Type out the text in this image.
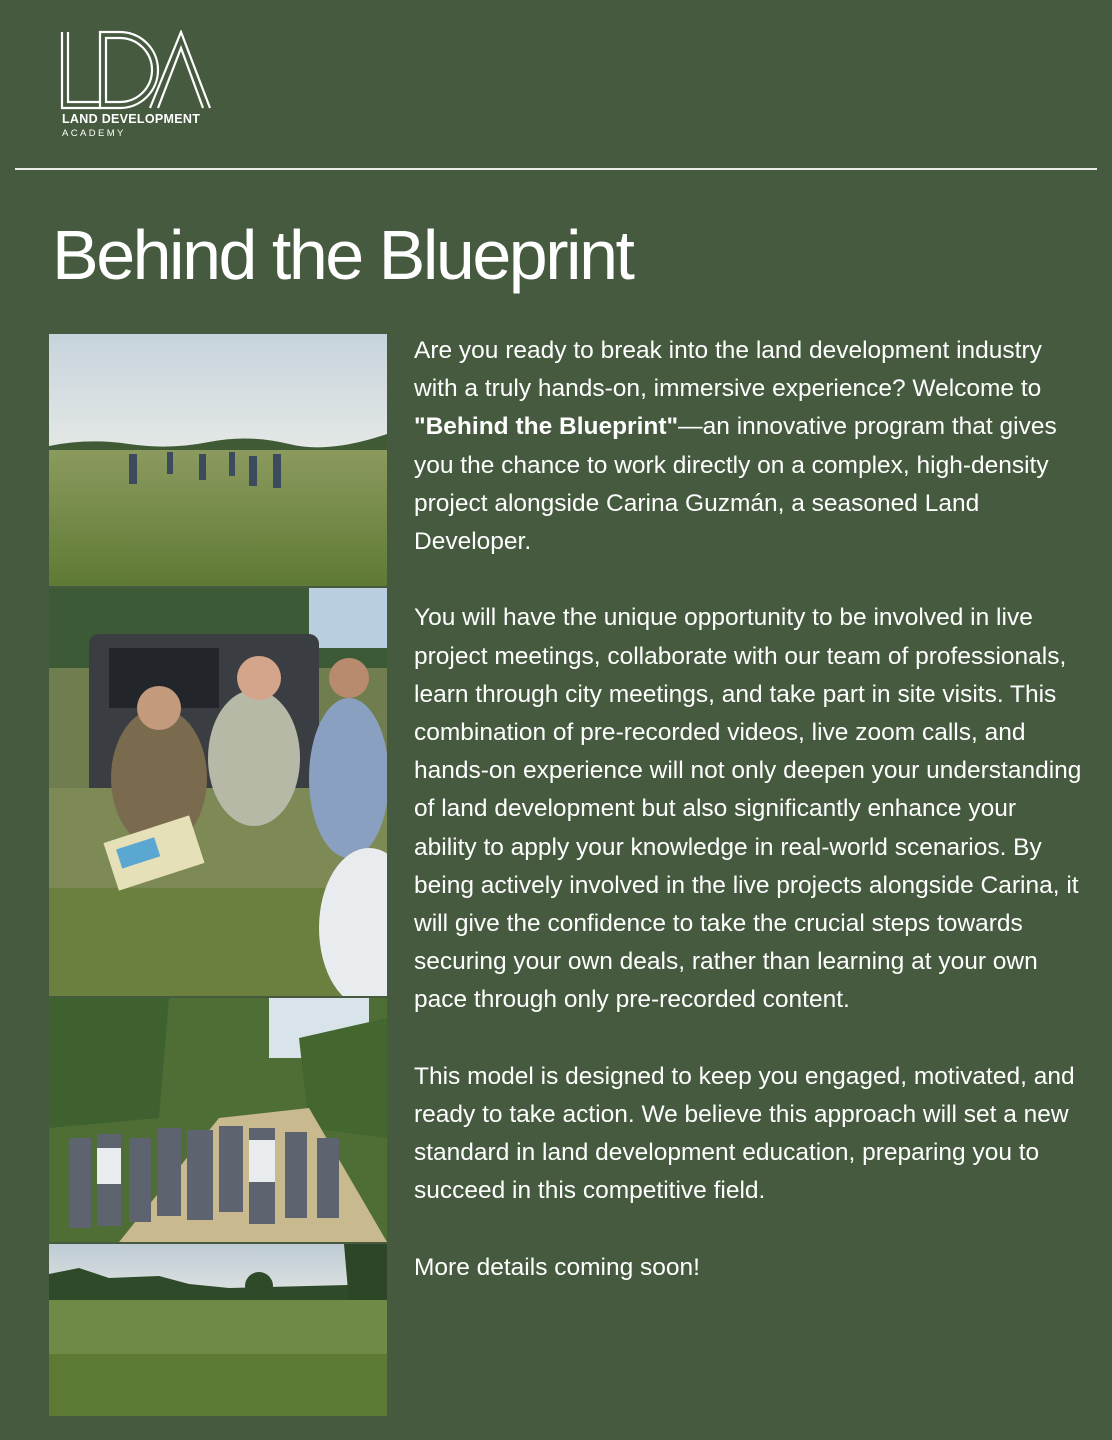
LAND DEVELOPMENT
ACADEMY
Behind the Blueprint

Are you ready to break into the land development industry with a truly hands-on, immersive experience? Welcome to "Behind the Blueprint"—an innovative program that gives you the chance to work directly on a complex, high-density project alongside Carina Guzmán, a seasoned Land Developer.

You will have the unique opportunity to be involved in live project meetings, collaborate with our team of professionals, learn through city meetings, and take part in site visits. This combination of pre-recorded videos, live zoom calls, and hands-on experience will not only deepen your understanding of land development but also significantly enhance your ability to apply your knowledge in real-world scenarios. By being actively involved in the live projects alongside Carina, it will give the confidence to take the crucial steps towards securing your own deals, rather than learning at your own pace through only pre-recorded content.

This model is designed to keep you engaged, motivated, and ready to take action. We believe this approach will set a new standard in land development education, preparing you to succeed in this competitive field.

More details coming soon!
